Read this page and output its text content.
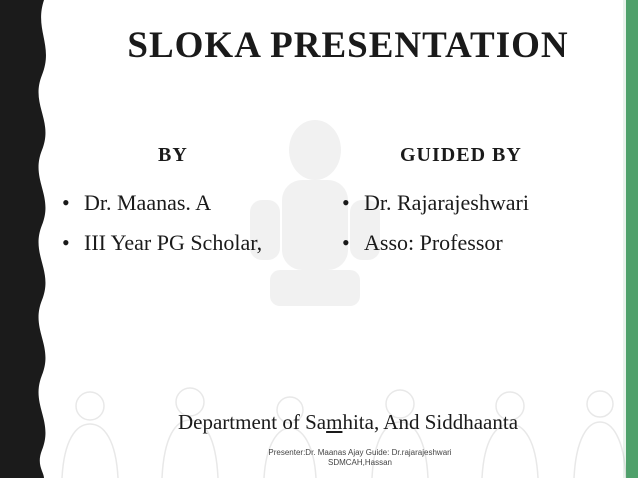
SLOKA PRESENTATION
BY	GUIDED BY
• Dr. Maanas. A
• III Year PG Scholar,
• Dr. Rajarajeshwari
• Asso: Professor
Department of Samhita, And Siddhaanta
Presenter:Dr. Maanas Ajay Guide: Dr.rajarajeshwari
SDMCAH,Hassan
